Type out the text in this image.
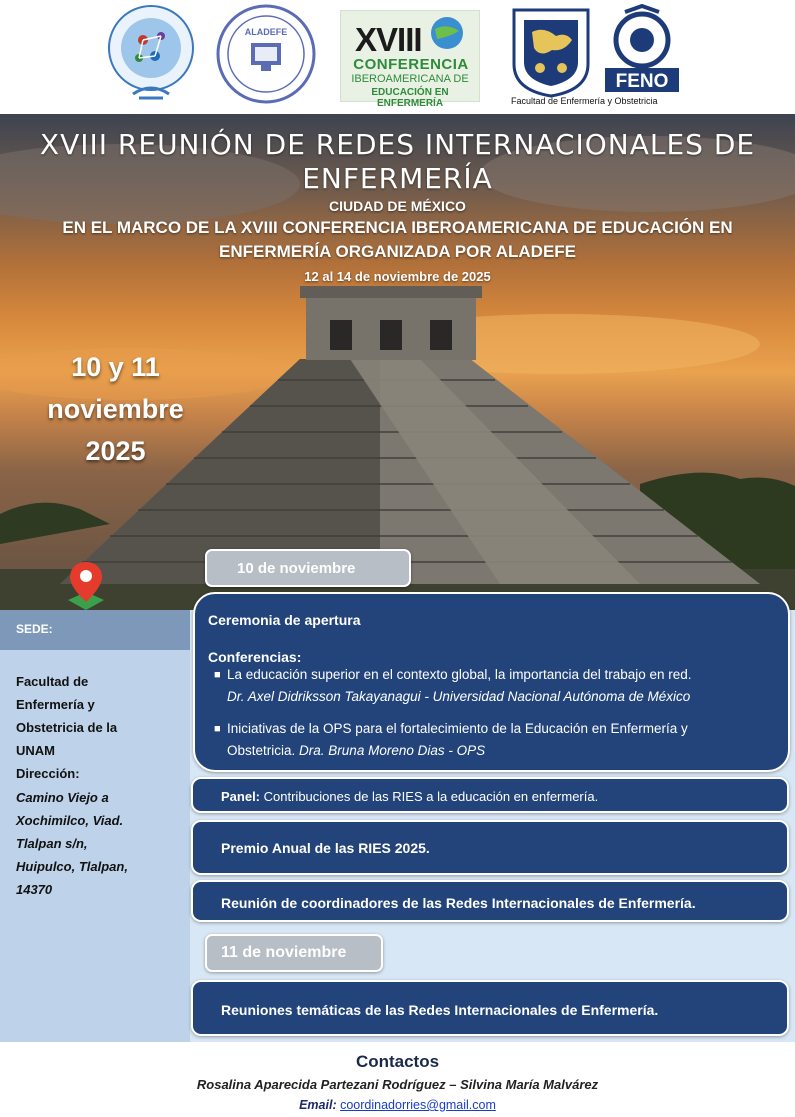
ALADEFE XVIII
CONFERENCIA
IBEROAMERICANA DE
EDUCACIÓN EN ENFERMERÍA
FENO
Facultad de Enfermería y Obstetricia
XVIII REUNIÓN DE REDES INTERNACIONALES DE
ENFERMERÍA
CIUDAD DE MÉXICO
EN EL MARCO DE LA XVIII CONFERENCIA IBEROAMERICANA DE EDUCACIÓN EN
ENFERMERÍA ORGANIZADA POR ALADEFE
12 al 14 de noviembre de 2025
10 y 11
noviembre
2025
SEDE:
Facultad de
Enfermería y
Obstetricia de la
UNAM
Dirección:
Camino Viejo a
Xochimilco, Viad.
Tlalpan s/n,
Huipulco, Tlalpan,
14370
10 de noviembre
Ceremonia de apertura
Conferencias:
■ La educación superior en el contexto global, la importancia del trabajo en red.
Dr. Axel Didriksson Takayanagui - Universidad Nacional Autónoma de México
■ Iniciativas de la OPS para el fortalecimiento de la Educación en Enfermería y
Obstetricia. Dra. Bruna Moreno Dias - OPS
Panel: Contribuciones de las RIES a la educación en enfermería.
Premio Anual de las RIES 2025.
Reunión de coordinadores de las Redes Internacionales de Enfermería.
11 de noviembre
Reuniones temáticas de las Redes Internacionales de Enfermería.
Contactos
Rosalina Aparecida Partezani Rodríguez – Silvina María Malvárez
Email: coordinadorries@gmail.com
